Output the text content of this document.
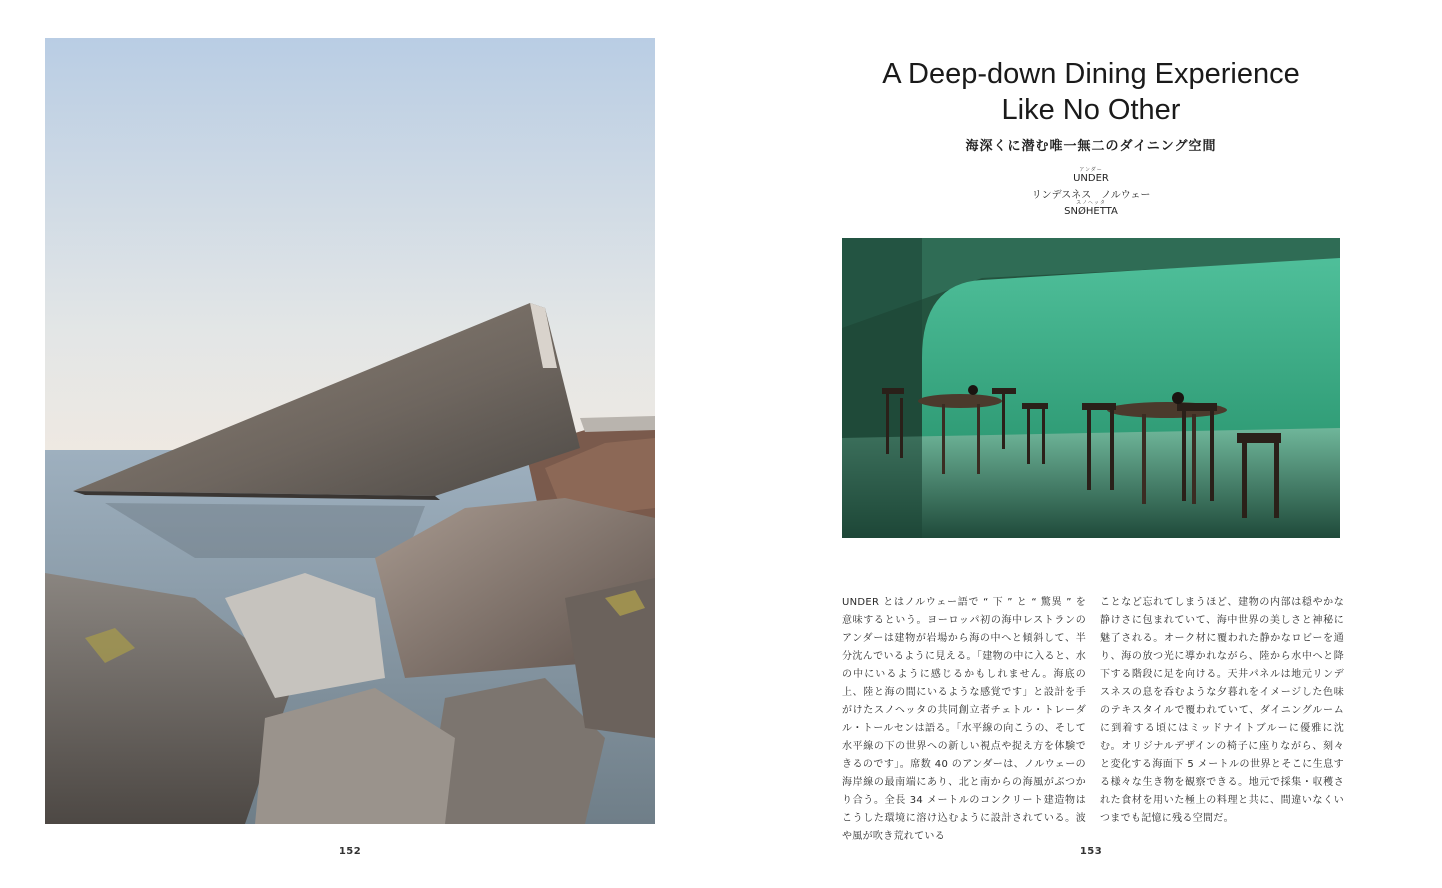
152
A Deep-down Dining Experience
Like No Other
海深くに潜む唯一無二のダイニング空間
アンダー
UNDER
リンデスネス　ノルウェー
スノヘッタ
SNØHETTA
UNDER とはノルウェー語で “ 下 ” と “ 驚異 ” を意味するという。ヨーロッパ初の海中レストランのアンダーは建物が岩場から海の中へと傾斜して、半分沈んでいるように見える。「建物の中に入ると、水の中にいるように感じるかもしれません。海底の上、陸と海の間にいるような感覚です」と設計を手がけたスノヘッタの共同創立者チェトル・トレーダル・トールセンは語る。「水平線の向こうの、そして水平線の下の世界への新しい視点や捉え方を体験できるのです」。席数 40 のアンダーは、ノルウェーの海岸線の最南端にあり、北と南からの海風がぶつかり合う。全長 34 メートルのコンクリート建造物はこうした環境に溶け込むように設計されている。波や風が吹き荒れている
ことなど忘れてしまうほど、建物の内部は穏やかな静けさに包まれていて、海中世界の美しさと神秘に魅了される。オーク材に覆われた静かなロビーを通り、海の放つ光に導かれながら、陸から水中へと降下する階段に足を向ける。天井パネルは地元リンデスネスの息を呑むような夕暮れをイメージした色味のテキスタイルで覆われていて、ダイニングルームに到着する頃にはミッドナイトブルーに優雅に沈む。オリジナルデザインの椅子に座りながら、刻々と変化する海面下 5 メートルの世界とそこに生息する様々な生き物を観察できる。地元で採集・収穫された食材を用いた極上の料理と共に、間違いなくいつまでも記憶に残る空間だ。
153
